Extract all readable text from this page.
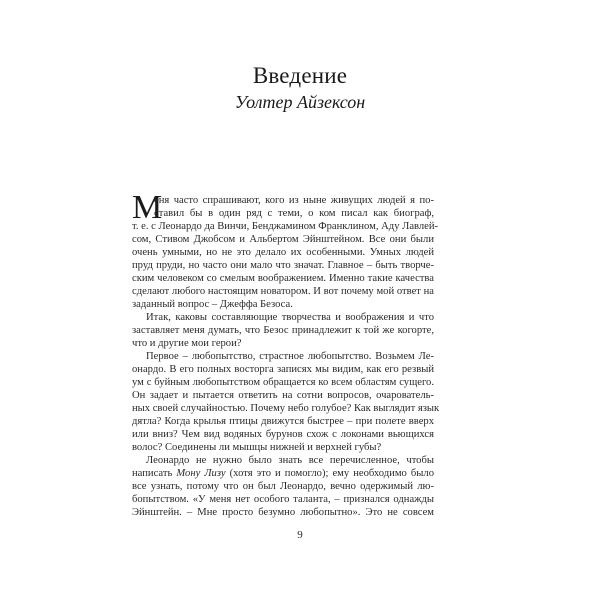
Введение
Уолтер Айзексон
М
еня часто спрашивают, кого из ныне живущих людей я по-
ставил бы в один ряд с теми, о ком писал как биограф,
т. е. с Леонардо да Винчи, Бенджамином Франклином, Аду Лавлей-
сом, Стивом Джобсом и Альбертом Эйнштейном. Все они были
очень умными, но не это делало их особенными. Умных людей
пруд пруди, но часто они мало что значат. Главное – быть творче-
ским человеком со смелым воображением. Именно такие качества
сделают любого настоящим новатором. И вот почему мой ответ на
заданный вопрос – Джеффа Безоса.
Итак, каковы составляющие творчества и воображения и что
заставляет меня думать, что Безос принадлежит к той же когорте,
что и другие мои герои?
Первое – любопытство, страстное любопытство. Возьмем Ле-
онардо. В его полных восторга записях мы видим, как его резвый
ум с буйным любопытством обращается ко всем областям сущего.
Он задает и пытается ответить на сотни вопросов, очарователь-
ных своей случайностью. Почему небо голубое? Как выглядит язык
дятла? Когда крылья птицы движутся быстрее – при полете вверх
или вниз? Чем вид водяных бурунов схож с локонами вьющихся
волос? Соединены ли мышцы нижней и верхней губы?
Леонардо не нужно было знать все перечисленное, чтобы
написать Мону Лизу (хотя это и помогло); ему необходимо было
все узнать, потому что он был Леонардо, вечно одержимый лю-
бопытством. «У меня нет особого таланта, – признался однажды
Эйнштейн. – Мне просто безумно любопытно». Это не совсем
9
